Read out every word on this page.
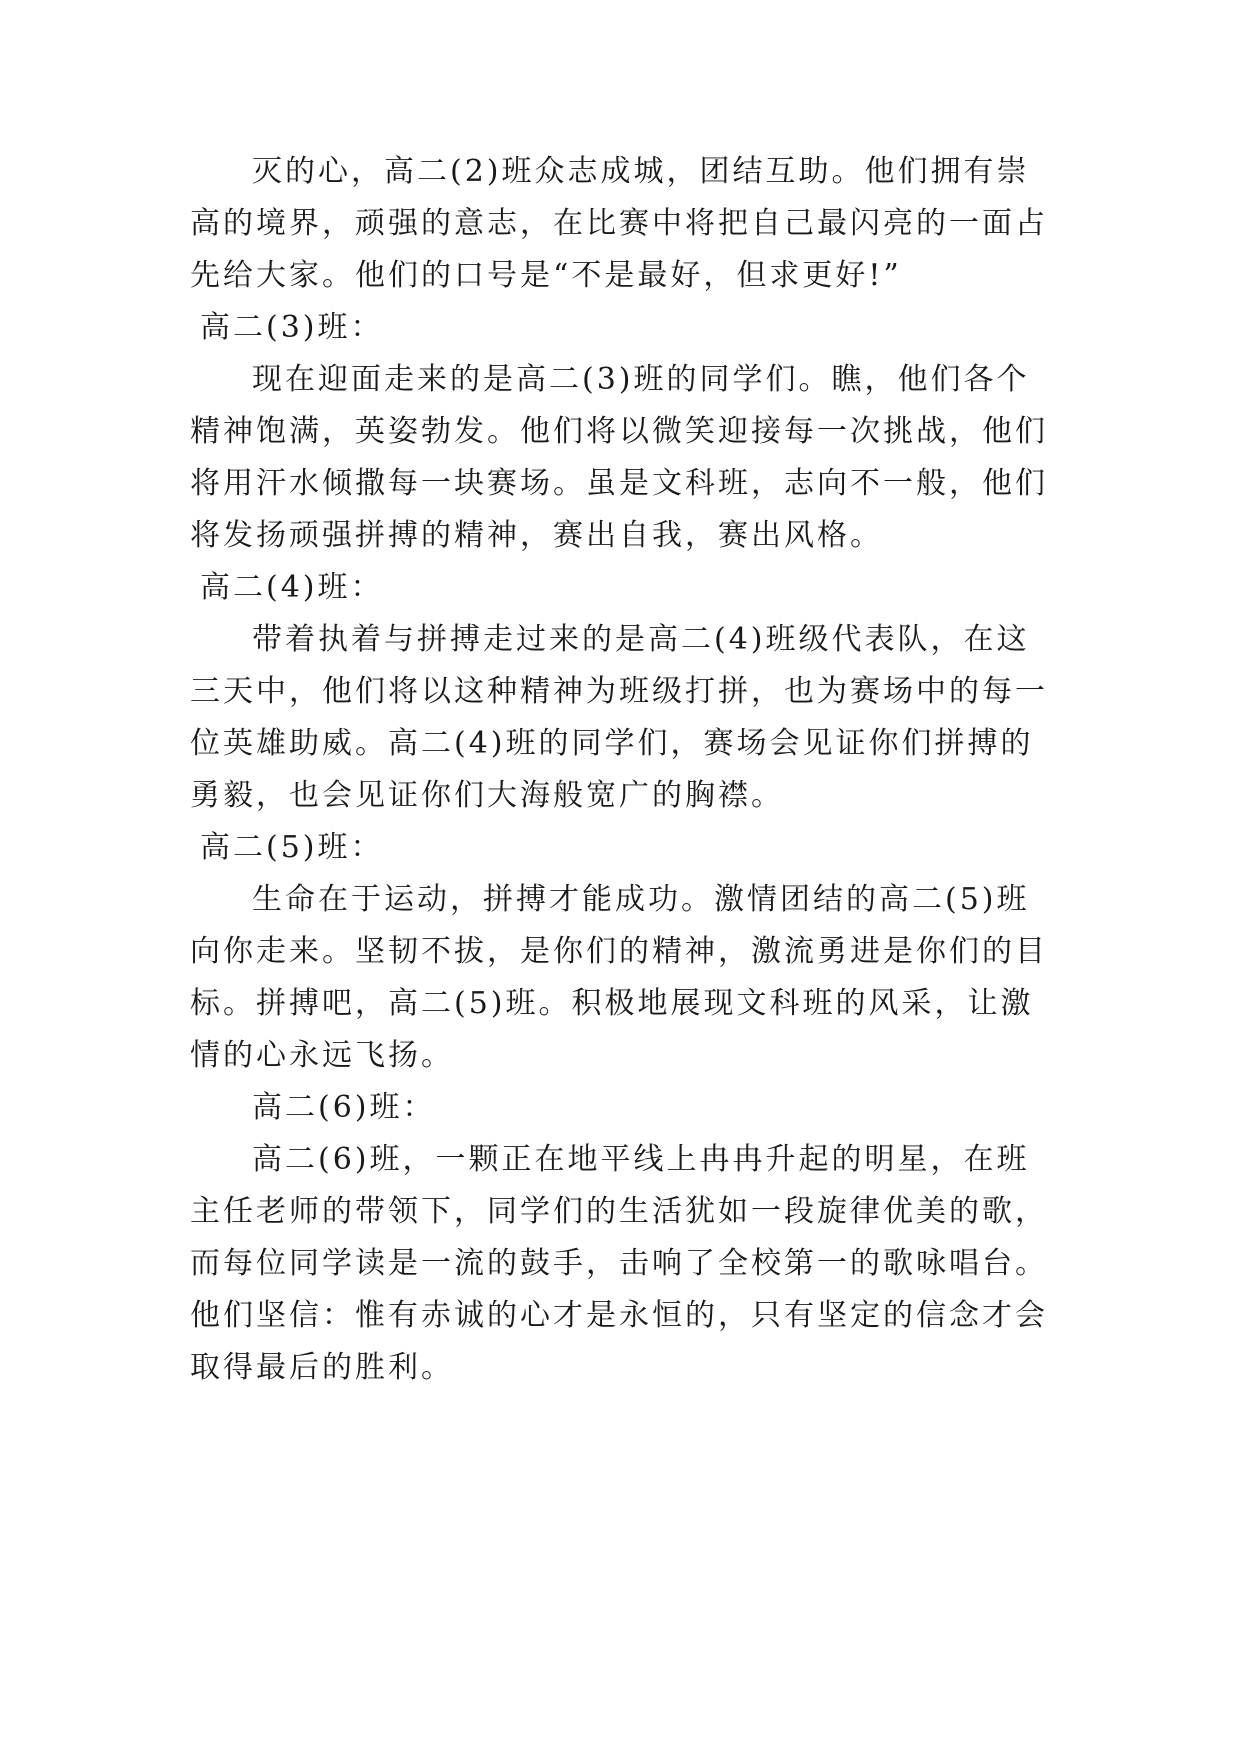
灭的心，高二(2)班众志成城，团结互助。他们拥有崇
高的境界，顽强的意志，在比赛中将把自己最闪亮的一面占
先给大家。他们的口号是“不是最好，但求更好!”
高二(3)班：
现在迎面走来的是高二(3)班的同学们。瞧，他们各个
精神饱满，英姿勃发。他们将以微笑迎接每一次挑战，他们
将用汗水倾撒每一块赛场。虽是文科班，志向不一般，他们
将发扬顽强拼搏的精神，赛出自我，赛出风格。
高二(4)班：
带着执着与拼搏走过来的是高二(4)班级代表队，在这
三天中，他们将以这种精神为班级打拼，也为赛场中的每一
位英雄助威。高二(4)班的同学们，赛场会见证你们拼搏的
勇毅，也会见证你们大海般宽广的胸襟。
高二(5)班：
生命在于运动，拼搏才能成功。激情团结的高二(5)班
向你走来。坚韧不拔，是你们的精神，激流勇进是你们的目
标。拼搏吧，高二(5)班。积极地展现文科班的风采，让激
情的心永远飞扬。
高二(6)班：
高二(6)班，一颗正在地平线上冉冉升起的明星，在班
主任老师的带领下，同学们的生活犹如一段旋律优美的歌，
而每位同学读是一流的鼓手，击响了全校第一的歌咏唱台。
他们坚信：惟有赤诚的心才是永恒的，只有坚定的信念才会
取得最后的胜利。
